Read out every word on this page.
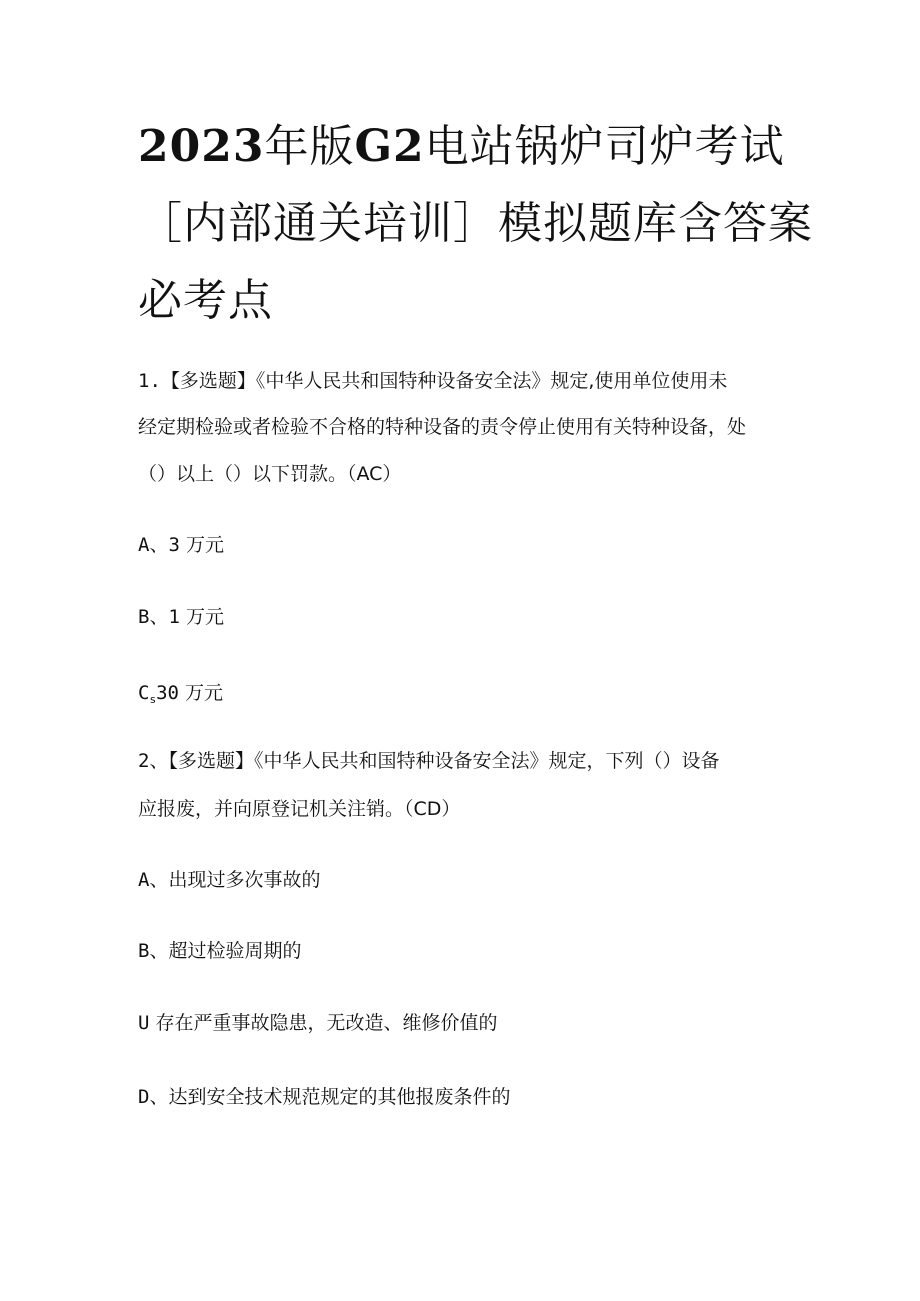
2023年版G2电站锅炉司炉考试
［内部通关培训］模拟题库含答案
必考点

1.【多选题】《中华人民共和国特种设备安全法》规定,使用单位使用未

经定期检验或者检验不合格的特种设备的责令停止使用有关特种设备，处

（）以上（）以下罚款。（AC）

A、3 万元

B、1 万元

$C_s30$ 万元

2、【多选题】《中华人民共和国特种设备安全法》规定，下列（）设备

应报废，并向原登记机关注销。（CD）

A、出现过多次事故的

B、超过检验周期的

U 存在严重事故隐患，无改造、维修价值的

D、达到安全技术规范规定的其他报废条件的
